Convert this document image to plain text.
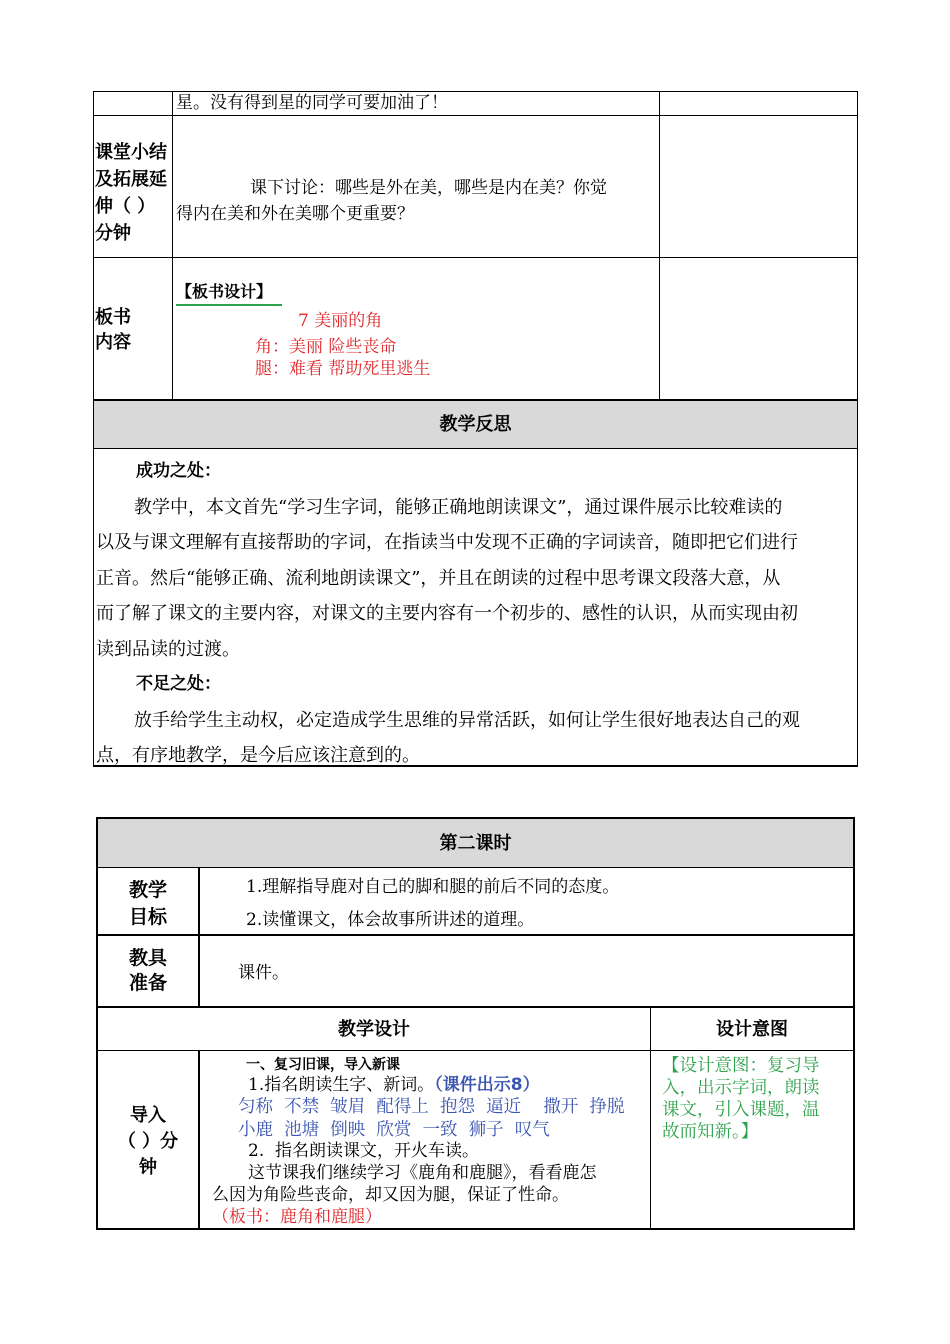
星。没有得到星的同学可要加油了！
课堂小结
及拓展延
伸（ ）
分钟
课下讨论：哪些是外在美，哪些是内在美？你觉
得内在美和外在美哪个更重要？
板书
内容
【板书设计】
7 美丽的角
角：美丽 险些丧命
腿：难看 帮助死里逃生
教学反思
成功之处：
教学中，本文首先“学习生字词，能够正确地朗读课文”，通过课件展示比较难读的
以及与课文理解有直接帮助的字词，在指读当中发现不正确的字词读音，随即把它们进行
正音。然后“能够正确、流利地朗读课文”，并且在朗读的过程中思考课文段落大意，从
而了解了课文的主要内容，对课文的主要内容有一个初步的、感性的认识，从而实现由初
读到品读的过渡。
不足之处：
放手给学生主动权，必定造成学生思维的异常活跃，如何让学生很好地表达自己的观
点，有序地教学，是今后应该注意到的。
第二课时
教学
目标
1.理解指导鹿对自己的脚和腿的前后不同的态度。
2.读懂课文，体会故事所讲述的道理。
教具
准备	课件。
教学设计	设计意图
导入
（ ）分
钟
一、复习旧课，导入新课
1.指名朗读生字、新词。（课件出示8）
匀称  不禁  皱眉  配得上  抱怨  逼近    撒开  挣脱
小鹿  池塘  倒映  欣赏  一致  狮子  叹气
2.  指名朗读课文，开火车读。
这节课我们继续学习《鹿角和鹿腿》，看看鹿怎
么因为角险些丧命，却又因为腿，保证了性命。
（板书：鹿角和鹿腿）
【设计意图：复习导
入，出示字词，朗读
课文，引入课题，温
故而知新。】
